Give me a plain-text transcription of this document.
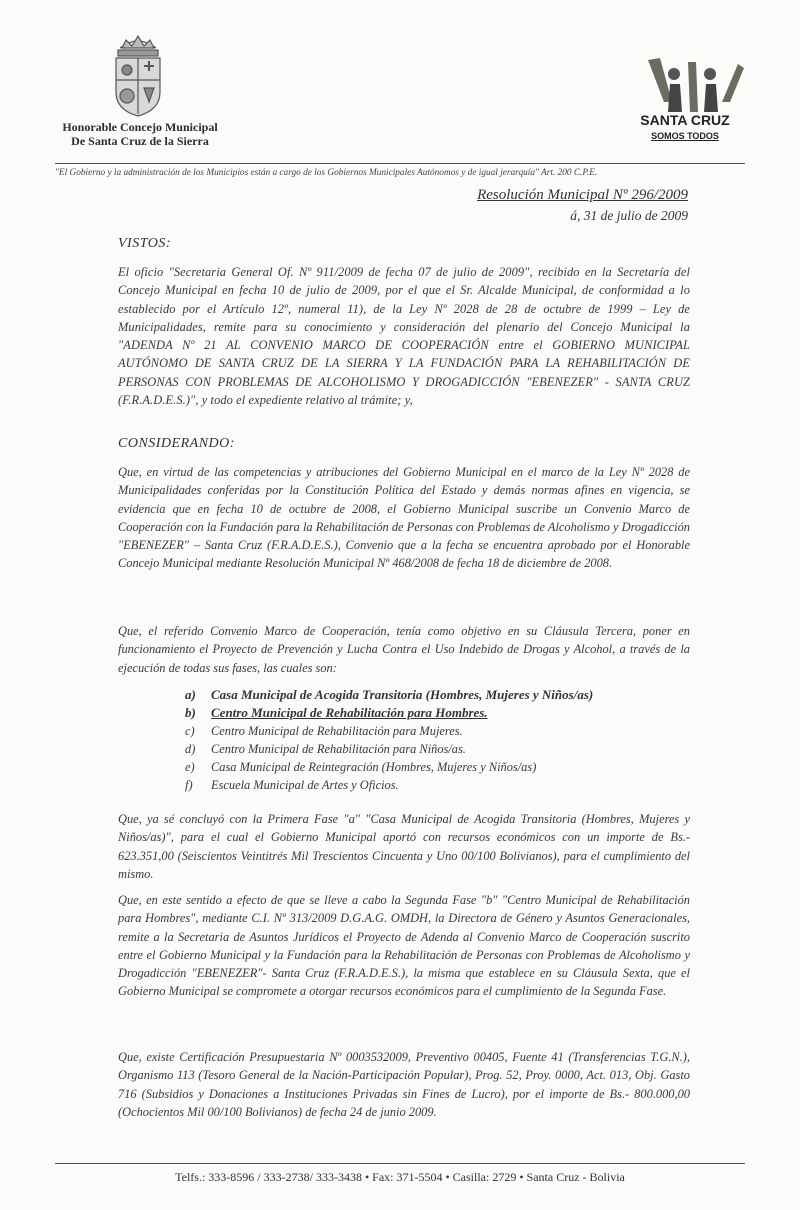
Honorable Concejo Municipal
De Santa Cruz de la Sierra
SANTA CRUZ
SOMOS TODOS
"El Gobierno y la administración de los Municipios están a cargo de los Gobiernos Municipales Autónomos y de igual jerarquía" Art. 200 C.P.E.
Resolución Municipal Nº 296/2009
á, 31 de julio de 2009
VISTOS:
El oficio "Secretaria General Of. Nº 911/2009 de fecha 07 de julio de 2009", recibido en la Secretaría del Concejo Municipal en fecha 10 de julio de 2009, por el que el Sr. Alcalde Municipal, de conformidad a lo establecido por el Artículo 12º, numeral 11), de la Ley Nº 2028 de 28 de octubre de 1999 – Ley de Municipalidades, remite para su conocimiento y consideración del plenario del Concejo Municipal la "ADENDA Nº 21 AL CONVENIO MARCO DE COOPERACIÓN entre el GOBIERNO MUNICIPAL AUTÓNOMO DE SANTA CRUZ DE LA SIERRA Y LA FUNDACIÓN PARA LA REHABILITACIÓN DE PERSONAS CON PROBLEMAS DE ALCOHOLISMO Y DROGADICCIÓN "EBENEZER" - SANTA CRUZ (F.R.A.D.E.S.)", y todo el expediente relativo al trámite; y,
CONSIDERANDO:
Que, en virtud de las competencias y atribuciones del Gobierno Municipal en el marco de la Ley Nº 2028 de Municipalidades conferidas por la Constitución Política del Estado y demás normas afines en vigencia, se evidencia que en fecha 10 de octubre de 2008, el Gobierno Municipal suscribe un Convenio Marco de Cooperación con la Fundación para la Rehabilitación de Personas con Problemas de Alcoholismo y Drogadicción "EBENEZER" – Santa Cruz (F.R.A.D.E.S.), Convenio que a la fecha se encuentra aprobado por el Honorable Concejo Municipal mediante Resolución Municipal Nº 468/2008 de fecha 18 de diciembre de 2008.
Que, el referido Convenio Marco de Cooperación, tenía como objetivo en su Cláusula Tercera, poner en funcionamiento el Proyecto de Prevención y Lucha Contra el Uso Indebido de Drogas y Alcohol, a través de la ejecución de todas sus fases, las cuales son:
a) Casa Municipal de Acogida Transitoria (Hombres, Mujeres y Niños/as)
b) Centro Municipal de Rehabilitación para Hombres.
c) Centro Municipal de Rehabilitación para Mujeres.
d) Centro Municipal de Rehabilitación para Niños/as.
e) Casa Municipal de Reintegración (Hombres, Mujeres y Niños/as)
f) Escuela Municipal de Artes y Oficios.
Que, ya sé concluyó con la Primera Fase "a" "Casa Municipal de Acogida Transitoria (Hombres, Mujeres y Niños/as)", para el cual el Gobierno Municipal aportó con recursos económicos con un importe de Bs.- 623.351,00 (Seiscientos Veintitrés Mil Trescientos Cincuenta y Uno 00/100 Bolivianos), para el cumplimiento del mismo.
Que, en este sentido a efecto de que se lleve a cabo la Segunda Fase "b" "Centro Municipal de Rehabilitación para Hombres", mediante C.I. Nº 313/2009 D.G.A.G. OMDH, la Directora de Género y Asuntos Generacionales, remite a la Secretaria de Asuntos Jurídicos el Proyecto de Adenda al Convenio Marco de Cooperación suscrito entre el Gobierno Municipal y la Fundación para la Rehabilitación de Personas con Problemas de Alcoholismo y Drogadicción "EBENEZER"- Santa Cruz (F.R.A.D.E.S.), la misma que establece en su Cláusula Sexta, que el Gobierno Municipal se compromete a otorgar recursos económicos para el cumplimiento de la Segunda Fase.
Que, existe Certificación Presupuestaria Nº 0003532009, Preventivo 00405, Fuente 41 (Transferencias T.G.N.), Organismo 113 (Tesoro General de la Nación-Participación Popular), Prog. 52, Proy. 0000, Act. 013, Obj. Gasto 716 (Subsidios y Donaciones a Instituciones Privadas sin Fines de Lucro), por el importe de Bs.- 800.000,00 (Ochocientos Mil 00/100 Bolivianos) de fecha 24 de junio 2009.
Telfs.: 333-8596 / 333-2738/ 333-3438 • Fax: 371-5504 • Casilla: 2729 • Santa Cruz - Bolivia
